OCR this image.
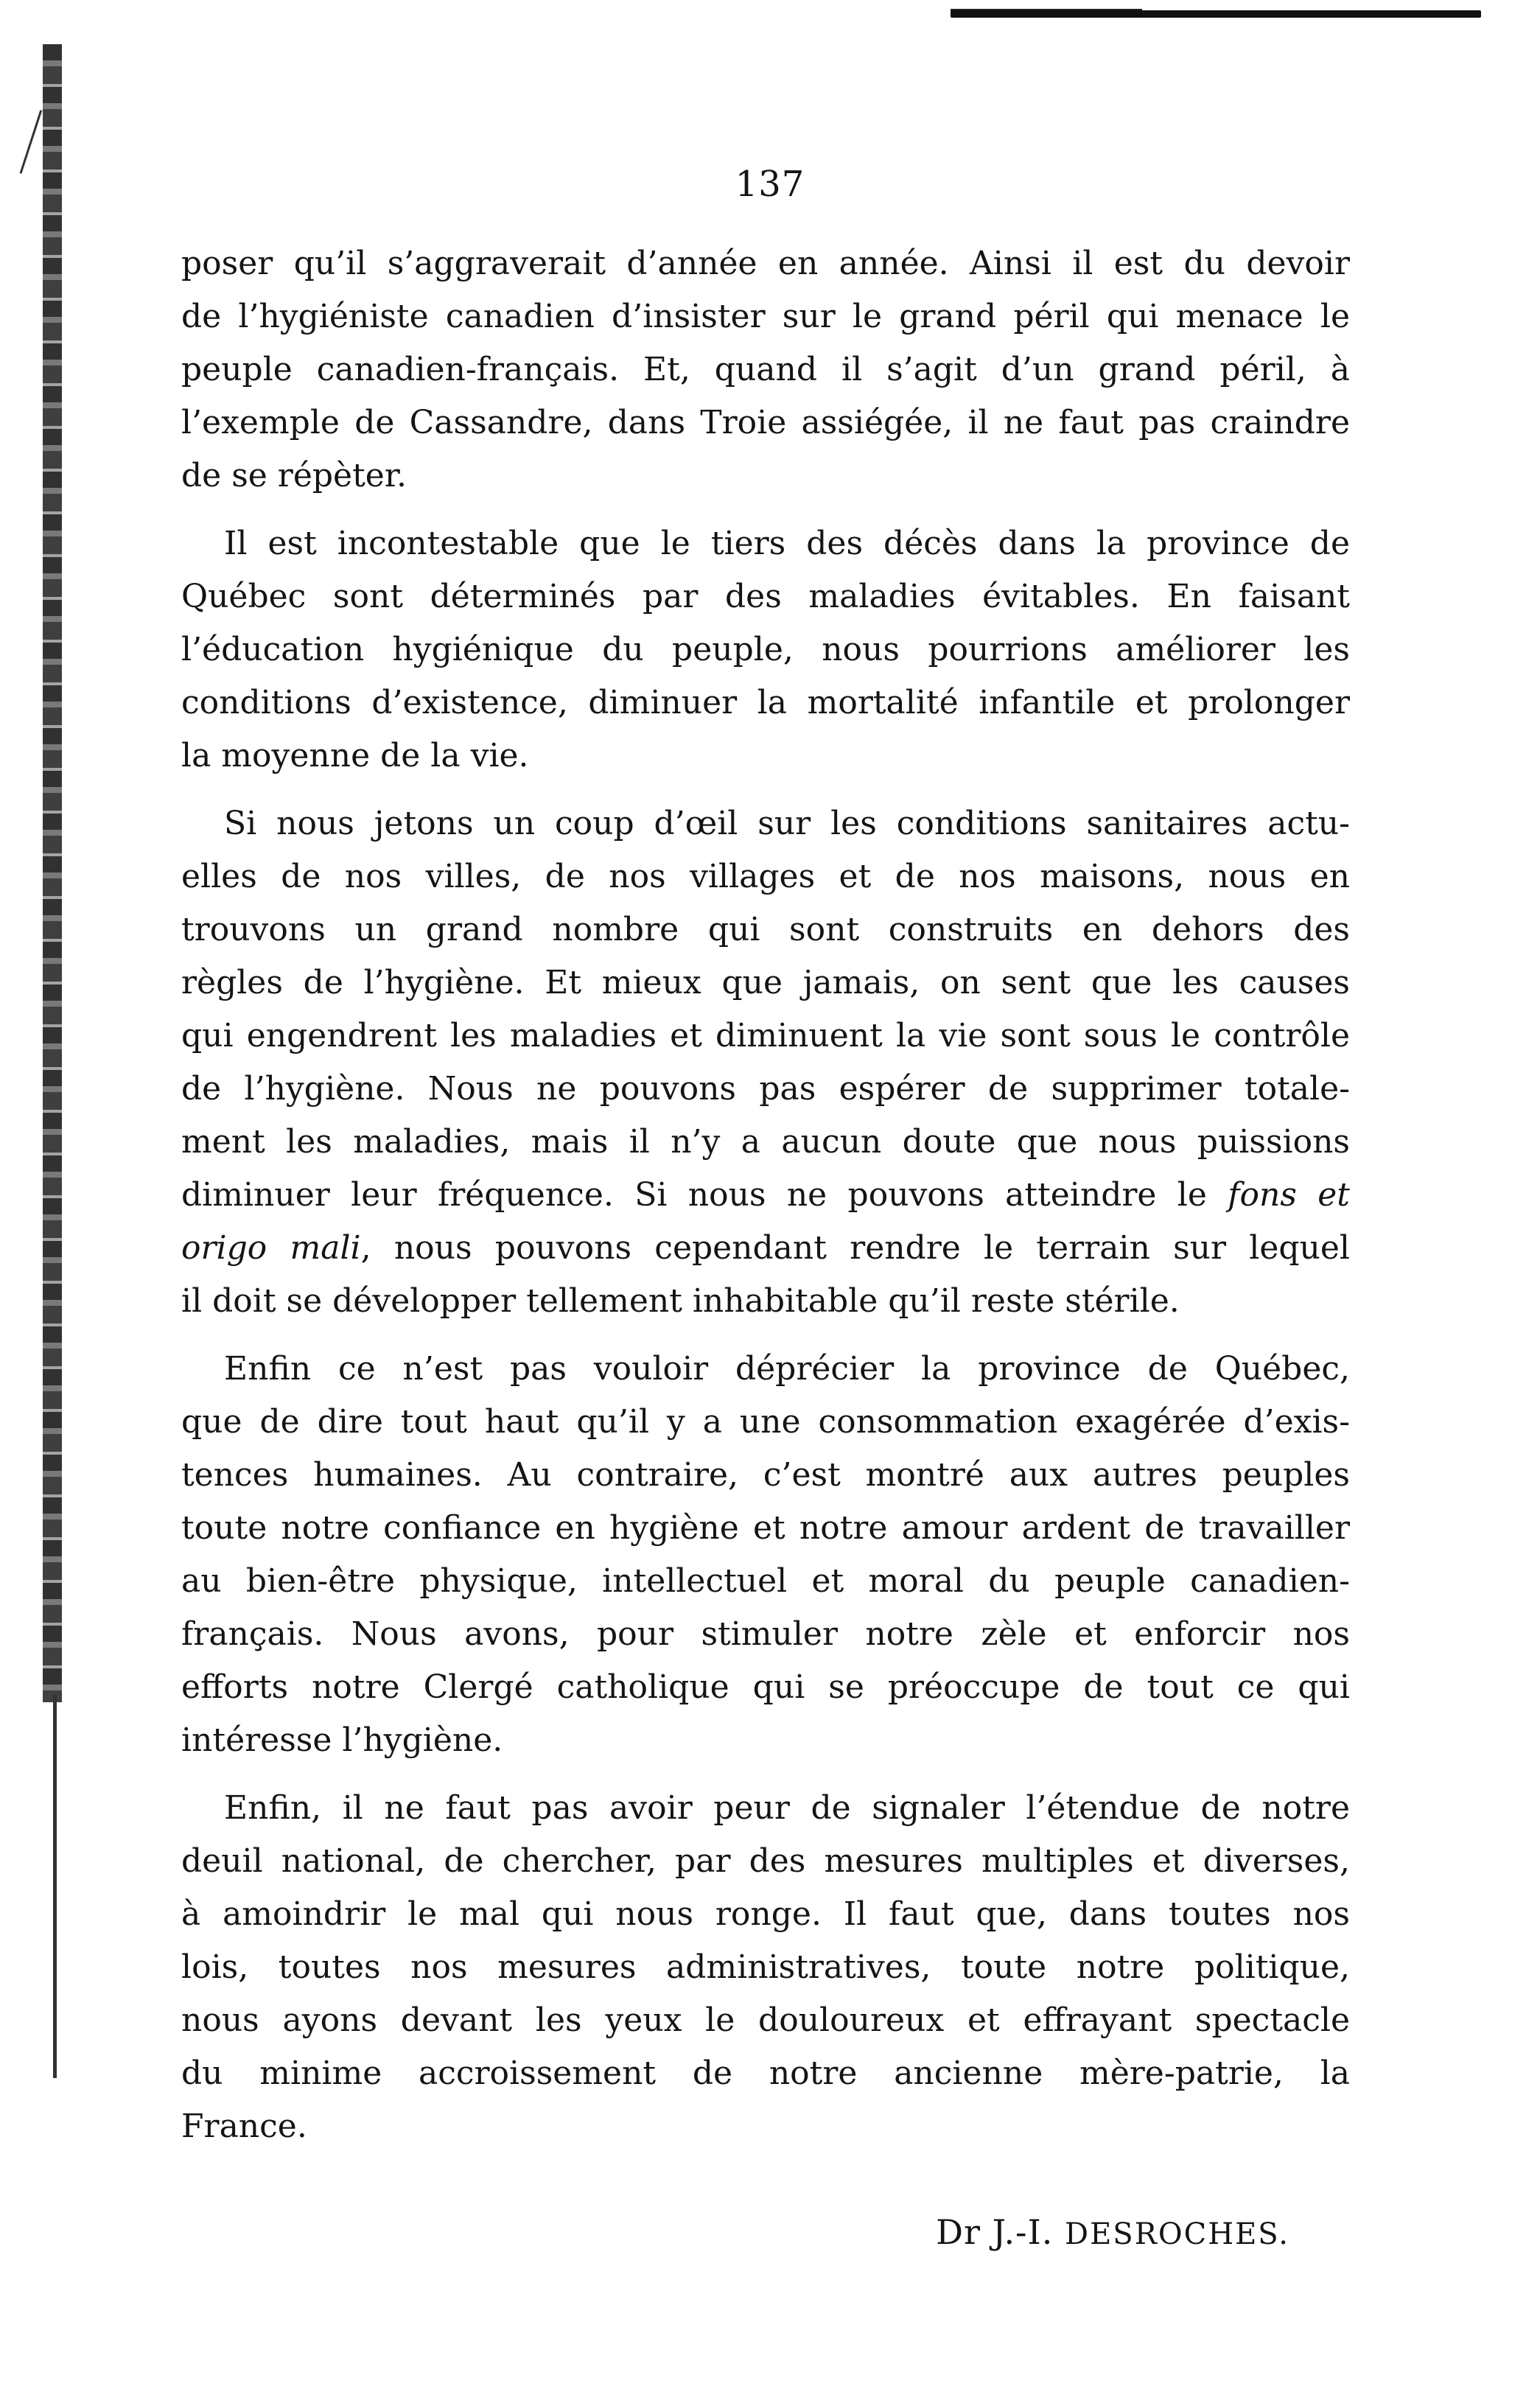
137
poser qu’il s’aggraverait d’année en année. Ainsi il est du devoir
de l’hygiéniste canadien d’insister sur le grand péril qui menace le
peuple canadien-français. Et, quand il s’agit d’un grand péril, à
l’exemple de Cassandre, dans Troie assiégée, il ne faut pas craindre
de se répèter.
Il est incontestable que le tiers des décès dans la province de
Québec sont déterminés par des maladies évitables. En faisant
l’éducation hygiénique du peuple, nous pourrions améliorer les
conditions d’existence, diminuer la mortalité infantile et prolonger
la moyenne de la vie.
Si nous jetons un coup d’œil sur les conditions sanitaires actu-
elles de nos villes, de nos villages et de nos maisons, nous en
trouvons un grand nombre qui sont construits en dehors des
règles de l’hygiène. Et mieux que jamais, on sent que les causes
qui engendrent les maladies et diminuent la vie sont sous le contrôle
de l’hygiène. Nous ne pouvons pas espérer de supprimer totale-
ment les maladies, mais il n’y a aucun doute que nous puissions
diminuer leur fréquence. Si nous ne pouvons atteindre le fons et
origo mali, nous pouvons cependant rendre le terrain sur lequel
il doit se développer tellement inhabitable qu’il reste stérile.
Enfin ce n’est pas vouloir déprécier la province de Québec,
que de dire tout haut qu’il y a une consommation exagérée d’exis-
tences humaines. Au contraire, c’est montré aux autres peuples
toute notre confiance en hygiène et notre amour ardent de travailler
au bien-être physique, intellectuel et moral du peuple canadien-
français. Nous avons, pour stimuler notre zèle et enforcir nos
efforts notre Clergé catholique qui se préoccupe de tout ce qui
intéresse l’hygiène.
Enfin, il ne faut pas avoir peur de signaler l’étendue de notre
deuil national, de chercher, par des mesures multiples et diverses,
à amoindrir le mal qui nous ronge. Il faut que, dans toutes nos
lois, toutes nos mesures administratives, toute notre politique,
nous ayons devant les yeux le douloureux et effrayant spectacle
du minime accroissement de notre ancienne mère-patrie, la
France.
Dr J.-I. DESROCHES.
